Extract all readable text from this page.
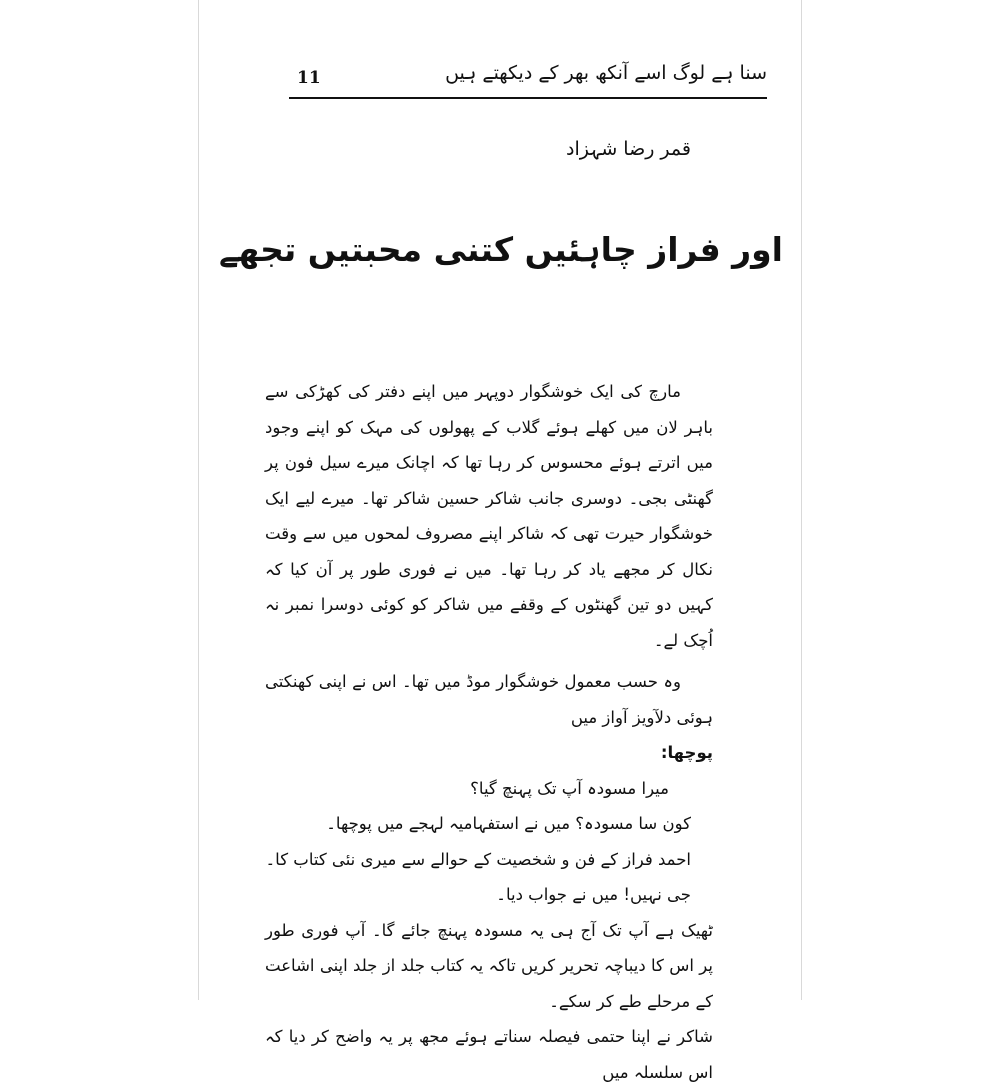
11	سنا ہے لوگ اسے آنکھ بھر کے دیکھتے ہیں
قمر رضا شہزاد
اور فراز چاہئیں کتنی محبتیں تجھے

مارچ کی ایک خوشگوار دوپہر میں اپنے دفتر کی کھڑکی سے باہر لان میں کھلے ہوئے گلاب کے پھولوں کی مہک کو اپنے وجود میں اترتے ہوئے محسوس کر رہا تھا کہ اچانک میرے سیل فون پر گھنٹی بجی۔ دوسری جانب شاکر حسین شاکر تھا۔ میرے لیے ایک خوشگوار حیرت تھی کہ شاکر اپنے مصروف لمحوں میں سے وقت نکال کر مجھے یاد کر رہا تھا۔ میں نے فوری طور پر آن کیا کہ کہیں دو تین گھنٹوں کے وقفے میں شاکر کو کوئی دوسرا نمبر نہ اُچک لے۔

وہ حسب معمول خوشگوار موڈ میں تھا۔ اس نے اپنی کھنکتی ہوئی دلآویز آواز میں

پوچھا:

میرا مسودہ آپ تک پہنچ گیا؟
کون سا مسودہ؟ میں نے استفہامیہ لہجے میں پوچھا۔
احمد فراز کے فن و شخصیت کے حوالے سے میری نئی کتاب کا۔
جی نہیں! میں نے جواب دیا۔

ٹھیک ہے آپ تک آج ہی یہ مسودہ پہنچ جائے گا۔ آپ فوری طور پر اس کا دیباچہ تحریر کریں تاکہ یہ کتاب جلد از جلد اپنی اشاعت کے مرحلے طے کر سکے۔

شاکر نے اپنا حتمی فیصلہ سناتے ہوئے مجھ پر یہ واضح کر دیا کہ اس سلسلہ میں
